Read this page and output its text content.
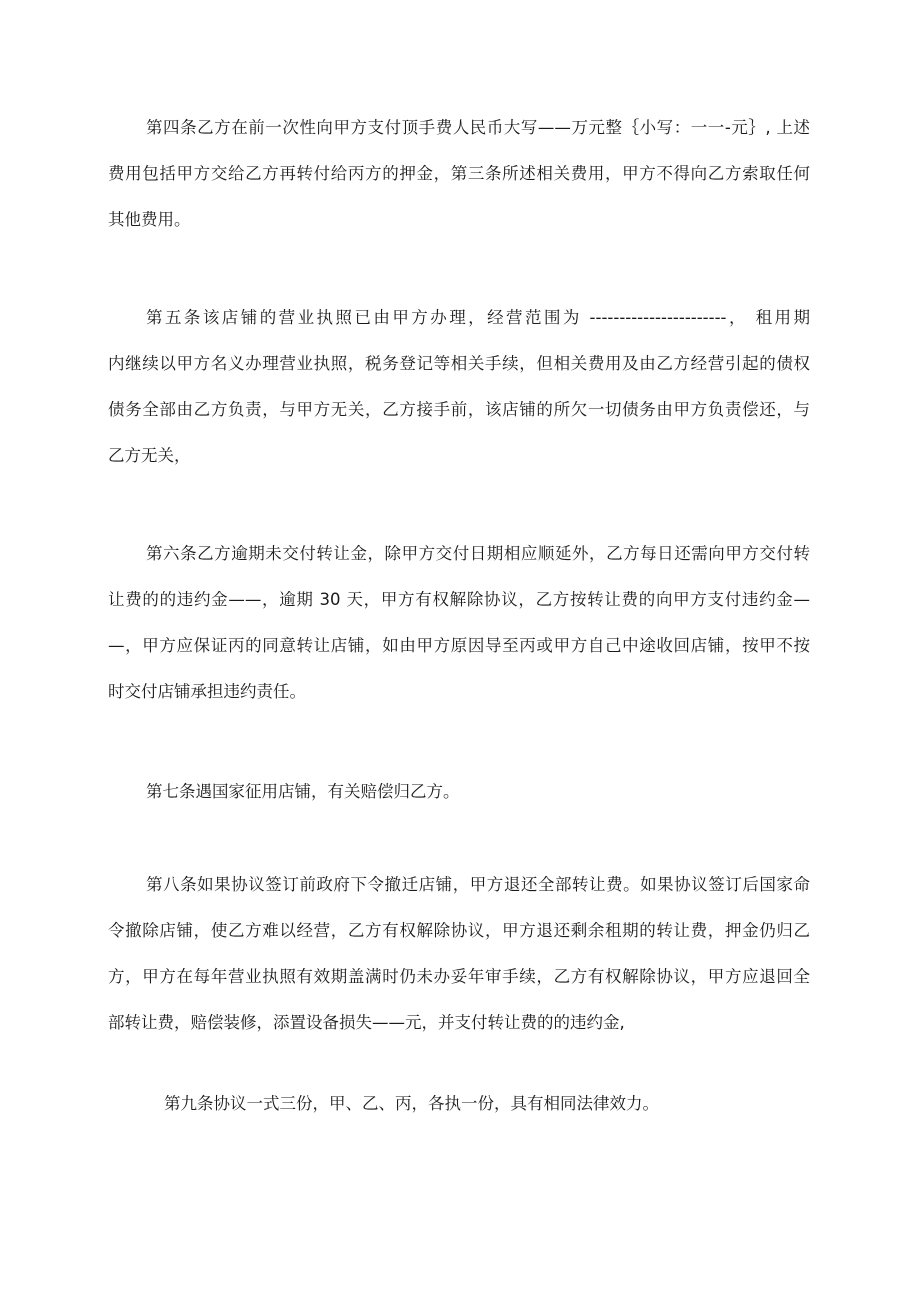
第四条乙方在前一次性向甲方支付顶手费人民币大写——万元整｛小写：一一-元｝, 上述
费用包括甲方交给乙方再转付给丙方的押金，第三条所述相关费用，甲方不得向乙方索取任何
其他费用。
第五条该店铺的营业执照已由甲方办理，经营范围为 -----------------------， 租用期
内继续以甲方名义办理营业执照，税务登记等相关手续，但相关费用及由乙方经营引起的债权
债务全部由乙方负责，与甲方无关，乙方接手前，该店铺的所欠一切债务由甲方负责偿还，与
乙方无关，
第六条乙方逾期未交付转让金，除甲方交付日期相应顺延外，乙方每日还需向甲方交付转
让费的的违约金——，逾期 30 天，甲方有权解除协议，乙方按转让费的向甲方支付违约金—
—，甲方应保证丙的同意转让店铺，如由甲方原因导至丙或甲方自己中途收回店铺，按甲不按
时交付店铺承担违约责任。
第七条遇国家征用店铺，有关赔偿归乙方。
第八条如果协议签订前政府下令撤迁店铺，甲方退还全部转让费。如果协议签订后国家命
令撤除店铺，使乙方难以经营，乙方有权解除协议，甲方退还剩余租期的转让费，押金仍归乙
方，甲方在每年营业执照有效期盖满时仍未办妥年审手续，乙方有权解除协议，甲方应退回全
部转让费，赔偿装修，添置设备损失——元，并支付转让费的的违约金,
第九条协议一式三份，甲、乙、丙，各执一份，具有相同法律效力。
